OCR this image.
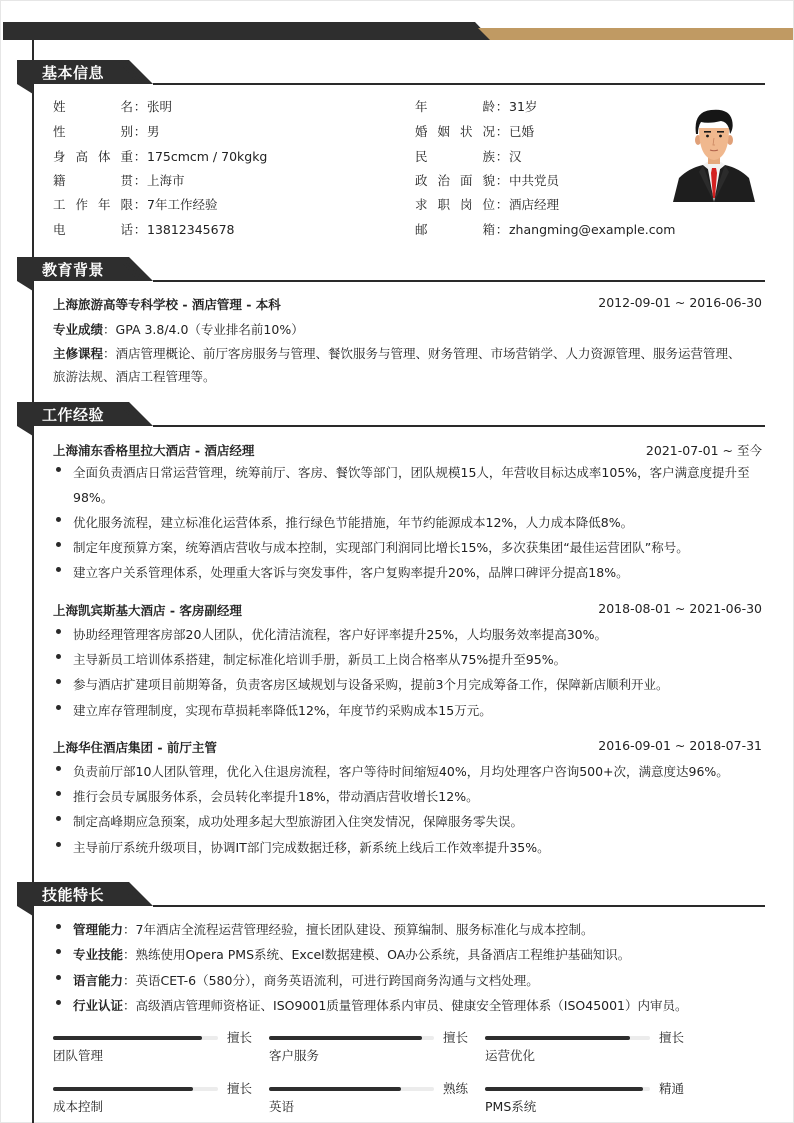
基本信息
姓名：张明
性别：男
身高体重：175cmcm / 70kgkg
籍贯：上海市
工作年限：7年工作经验
电话：13812345678
年龄：31岁
婚姻状况：已婚
民族：汉
政治面貌：中共党员
求职岗位：酒店经理
邮箱：zhangming@example.com
教育背景
上海旅游高等专科学校 - 酒店管理 - 本科	2012-09-01 ~ 2016-06-30
专业成绩：GPA 3.8/4.0（专业排名前10%）
主修课程：酒店管理概论、前厅客房服务与管理、餐饮服务与管理、财务管理、市场营销学、人力资源管理、服务运营管理、
旅游法规、酒店工程管理等。
工作经验
上海浦东香格里拉大酒店 - 酒店经理	2021-07-01 ~ 至今
全面负责酒店日常运营管理，统筹前厅、客房、餐饮等部门，团队规模15人，年营收目标达成率105%，客户满意度提升至98%。
优化服务流程，建立标准化运营体系，推行绿色节能措施，年节约能源成本12%，人力成本降低8%。
制定年度预算方案，统筹酒店营收与成本控制，实现部门利润同比增长15%，多次获集团“最佳运营团队”称号。
建立客户关系管理体系，处理重大客诉与突发事件，客户复购率提升20%，品牌口碑评分提高18%。
上海凯宾斯基大酒店 - 客房副经理	2018-08-01 ~ 2021-06-30
协助经理管理客房部20人团队，优化清洁流程，客户好评率提升25%，人均服务效率提高30%。
主导新员工培训体系搭建，制定标准化培训手册，新员工上岗合格率从75%提升至95%。
参与酒店扩建项目前期筹备，负责客房区域规划与设备采购，提前3个月完成筹备工作，保障新店顺利开业。
建立库存管理制度，实现布草损耗率降低12%，年度节约采购成本15万元。
上海华住酒店集团 - 前厅主管	2016-09-01 ~ 2018-07-31
负责前厅部10人团队管理，优化入住退房流程，客户等待时间缩短40%，月均处理客户咨询500+次，满意度达96%。
推行会员专属服务体系，会员转化率提升18%，带动酒店营收增长12%。
制定高峰期应急预案，成功处理多起大型旅游团入住突发情况，保障服务零失误。
主导前厅系统升级项目，协调IT部门完成数据迁移，新系统上线后工作效率提升35%。
技能特长
管理能力：7年酒店全流程运营管理经验，擅长团队建设、预算编制、服务标准化与成本控制。
专业技能：熟练使用Opera PMS系统、Excel数据建模、OA办公系统，具备酒店工程维护基础知识。
语言能力：英语CET-6（580分），商务英语流利，可进行跨国商务沟通与文档处理。
行业认证：高级酒店管理师资格证、ISO9001质量管理体系内审员、健康安全管理体系（ISO45001）内审员。
擅长
团队管理
擅长
客户服务
擅长
运营优化
擅长
成本控制
熟练
英语
精通
PMS系统
